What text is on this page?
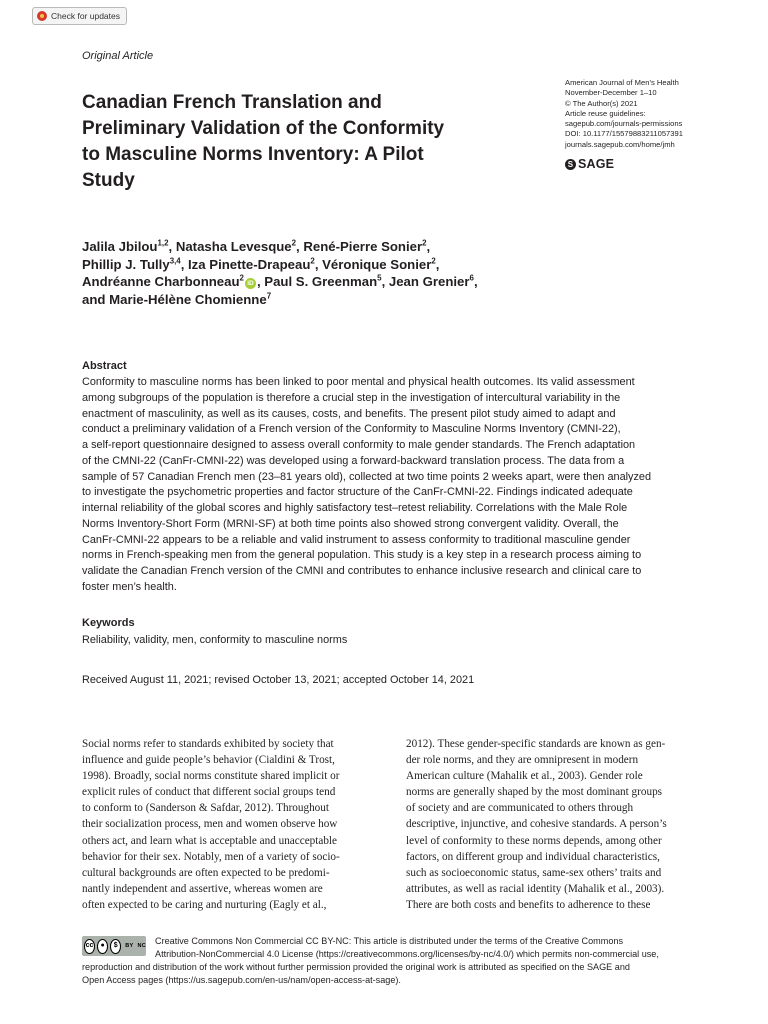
Check for updates
Original Article
Canadian French Translation and
Preliminary Validation of the Conformity
to Masculine Norms Inventory: A Pilot
Study
American Journal of Men’s Health
November-December 1–10
© The Author(s) 2021
Article reuse guidelines:
sagepub.com/journals-permissions
DOI: 10.1177/15579883211057391
journals.sagepub.com/home/jmh
S SAGE
Jalila Jbilou$^{1,2}$, Natasha Levesque$^2$, René-Pierre Sonier$^2$,
Phillip J. Tully$^{3,4}$, Iza Pinette-Drapeau$^2$, Véronique Sonier$^2$,
Andréanne Charbonneau$^2$iD , Paul S. Greenman$^5$, Jean Grenier$^6$,
and Marie-Hélène Chomienne$^7$
Abstract
Conformity to masculine norms has been linked to poor mental and physical health outcomes. Its valid assessment
among subgroups of the population is therefore a crucial step in the investigation of intercultural variability in the
enactment of masculinity, as well as its causes, costs, and benefits. The present pilot study aimed to adapt and
conduct a preliminary validation of a French version of the Conformity to Masculine Norms Inventory (CMNI-22),
a self-report questionnaire designed to assess overall conformity to male gender standards. The French adaptation
of the CMNI-22 (CanFr-CMNI-22) was developed using a forward-backward translation process. The data from a
sample of 57 Canadian French men (23–81 years old), collected at two time points 2 weeks apart, were then analyzed
to investigate the psychometric properties and factor structure of the CanFr-CMNI-22. Findings indicated adequate
internal reliability of the global scores and highly satisfactory test–retest reliability. Correlations with the Male Role
Norms Inventory-Short Form (MRNI-SF) at both time points also showed strong convergent validity. Overall, the
CanFr-CMNI-22 appears to be a reliable and valid instrument to assess conformity to traditional masculine gender
norms in French-speaking men from the general population. This study is a key step in a research process aiming to
validate the Canadian French version of the CMNI and contributes to enhance inclusive research and clinical care to
foster men’s health.
Keywords
Reliability, validity, men, conformity to masculine norms
Received August 11, 2021; revised October 13, 2021; accepted October 14, 2021
Social norms refer to standards exhibited by society that
influence and guide people’s behavior (Cialdini & Trost,
1998). Broadly, social norms constitute shared implicit or
explicit rules of conduct that different social groups tend
to conform to (Sanderson & Safdar, 2012). Throughout
their socialization process, men and women observe how
others act, and learn what is acceptable and unacceptable
behavior for their sex. Notably, men of a variety of socio-
cultural backgrounds are often expected to be predomi-
nantly independent and assertive, whereas women are
often expected to be caring and nurturing (Eagly et al.,
2012). These gender-specific standards are known as gen-
der role norms, and they are omnipresent in modern
American culture (Mahalik et al., 2003). Gender role
norms are generally shaped by the most dominant groups
of society and are communicated to others through
descriptive, injunctive, and cohesive standards. A person’s
level of conformity to these norms depends, among other
factors, on different group and individual characteristics,
such as socioeconomic status, same-sex others’ traits and
attributes, as well as racial identity (Mahalik et al., 2003).
There are both costs and benefits to adherence to these
cc	●	$	BY NC Creative Commons Non Commercial CC BY-NC: This article is distributed under the terms of the Creative Commons
Attribution-NonCommercial 4.0 License (https://creativecommons.org/licenses/by-nc/4.0/) which permits non-commercial use,
reproduction and distribution of the work without further permission provided the original work is attributed as specified on the SAGE and
Open Access pages (https://us.sagepub.com/en-us/nam/open-access-at-sage).
